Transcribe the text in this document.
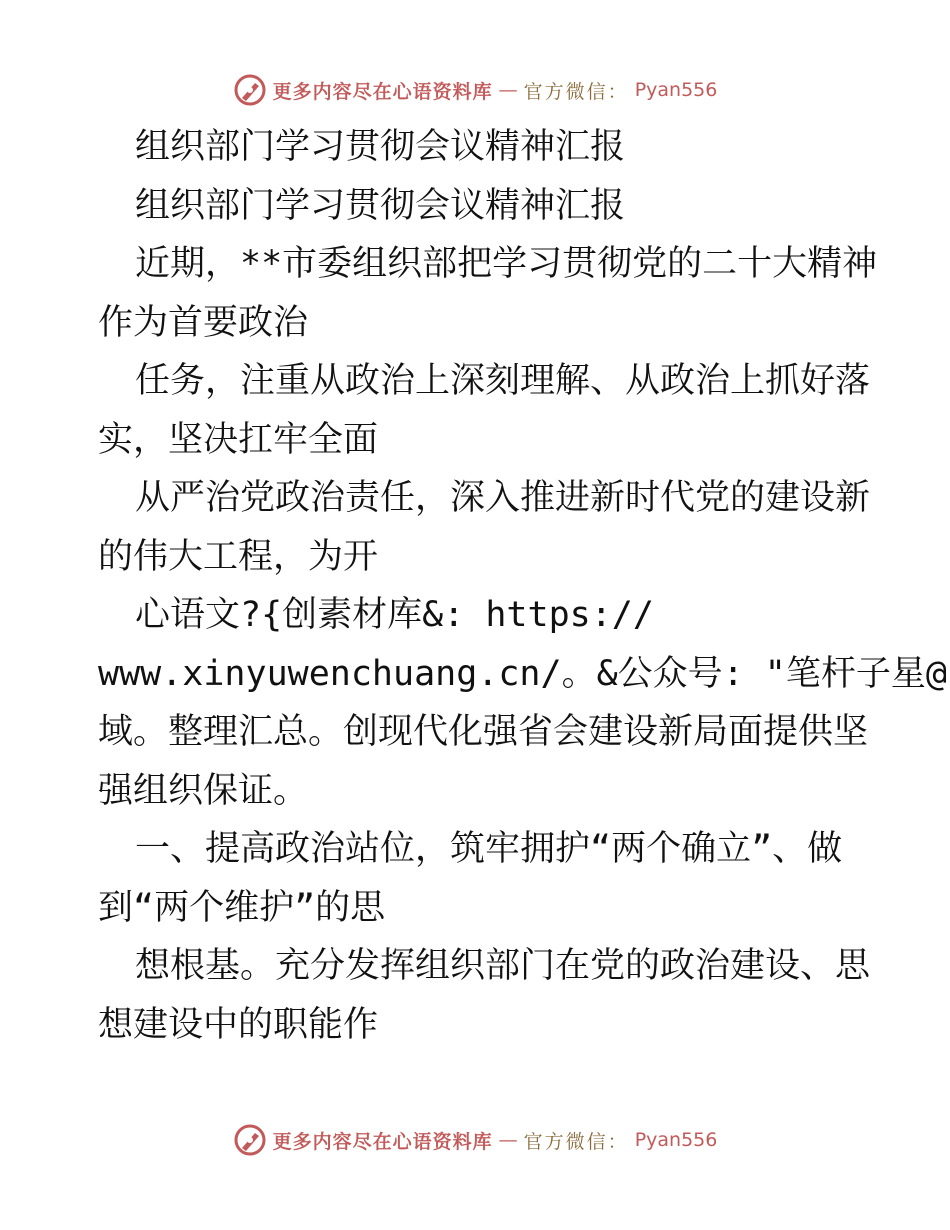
更多内容尽在心语资料库 — 官方微信： Pyan556
组织部门学习贯彻会议精神汇报
组织部门学习贯彻会议精神汇报
近期，**市委组织部把学习贯彻党的二十大精神
作为首要政治
任务，注重从政治上深刻理解、从政治上抓好落
实，坚决扛牢全面
从严治党政治责任，深入推进新时代党的建设新
的伟大工程，为开
心语文?{创素材库&: https://
www.xinyuwenchuang.cn/。&公众号: "笔杆子星@
域。整理汇总。创现代化强省会建设新局面提供坚
强组织保证。
一、提高政治站位，筑牢拥护“两个确立”、做
到“两个维护”的思
想根基。充分发挥组织部门在党的政治建设、思
想建设中的职能作
更多内容尽在心语资料库 — 官方微信： Pyan556
